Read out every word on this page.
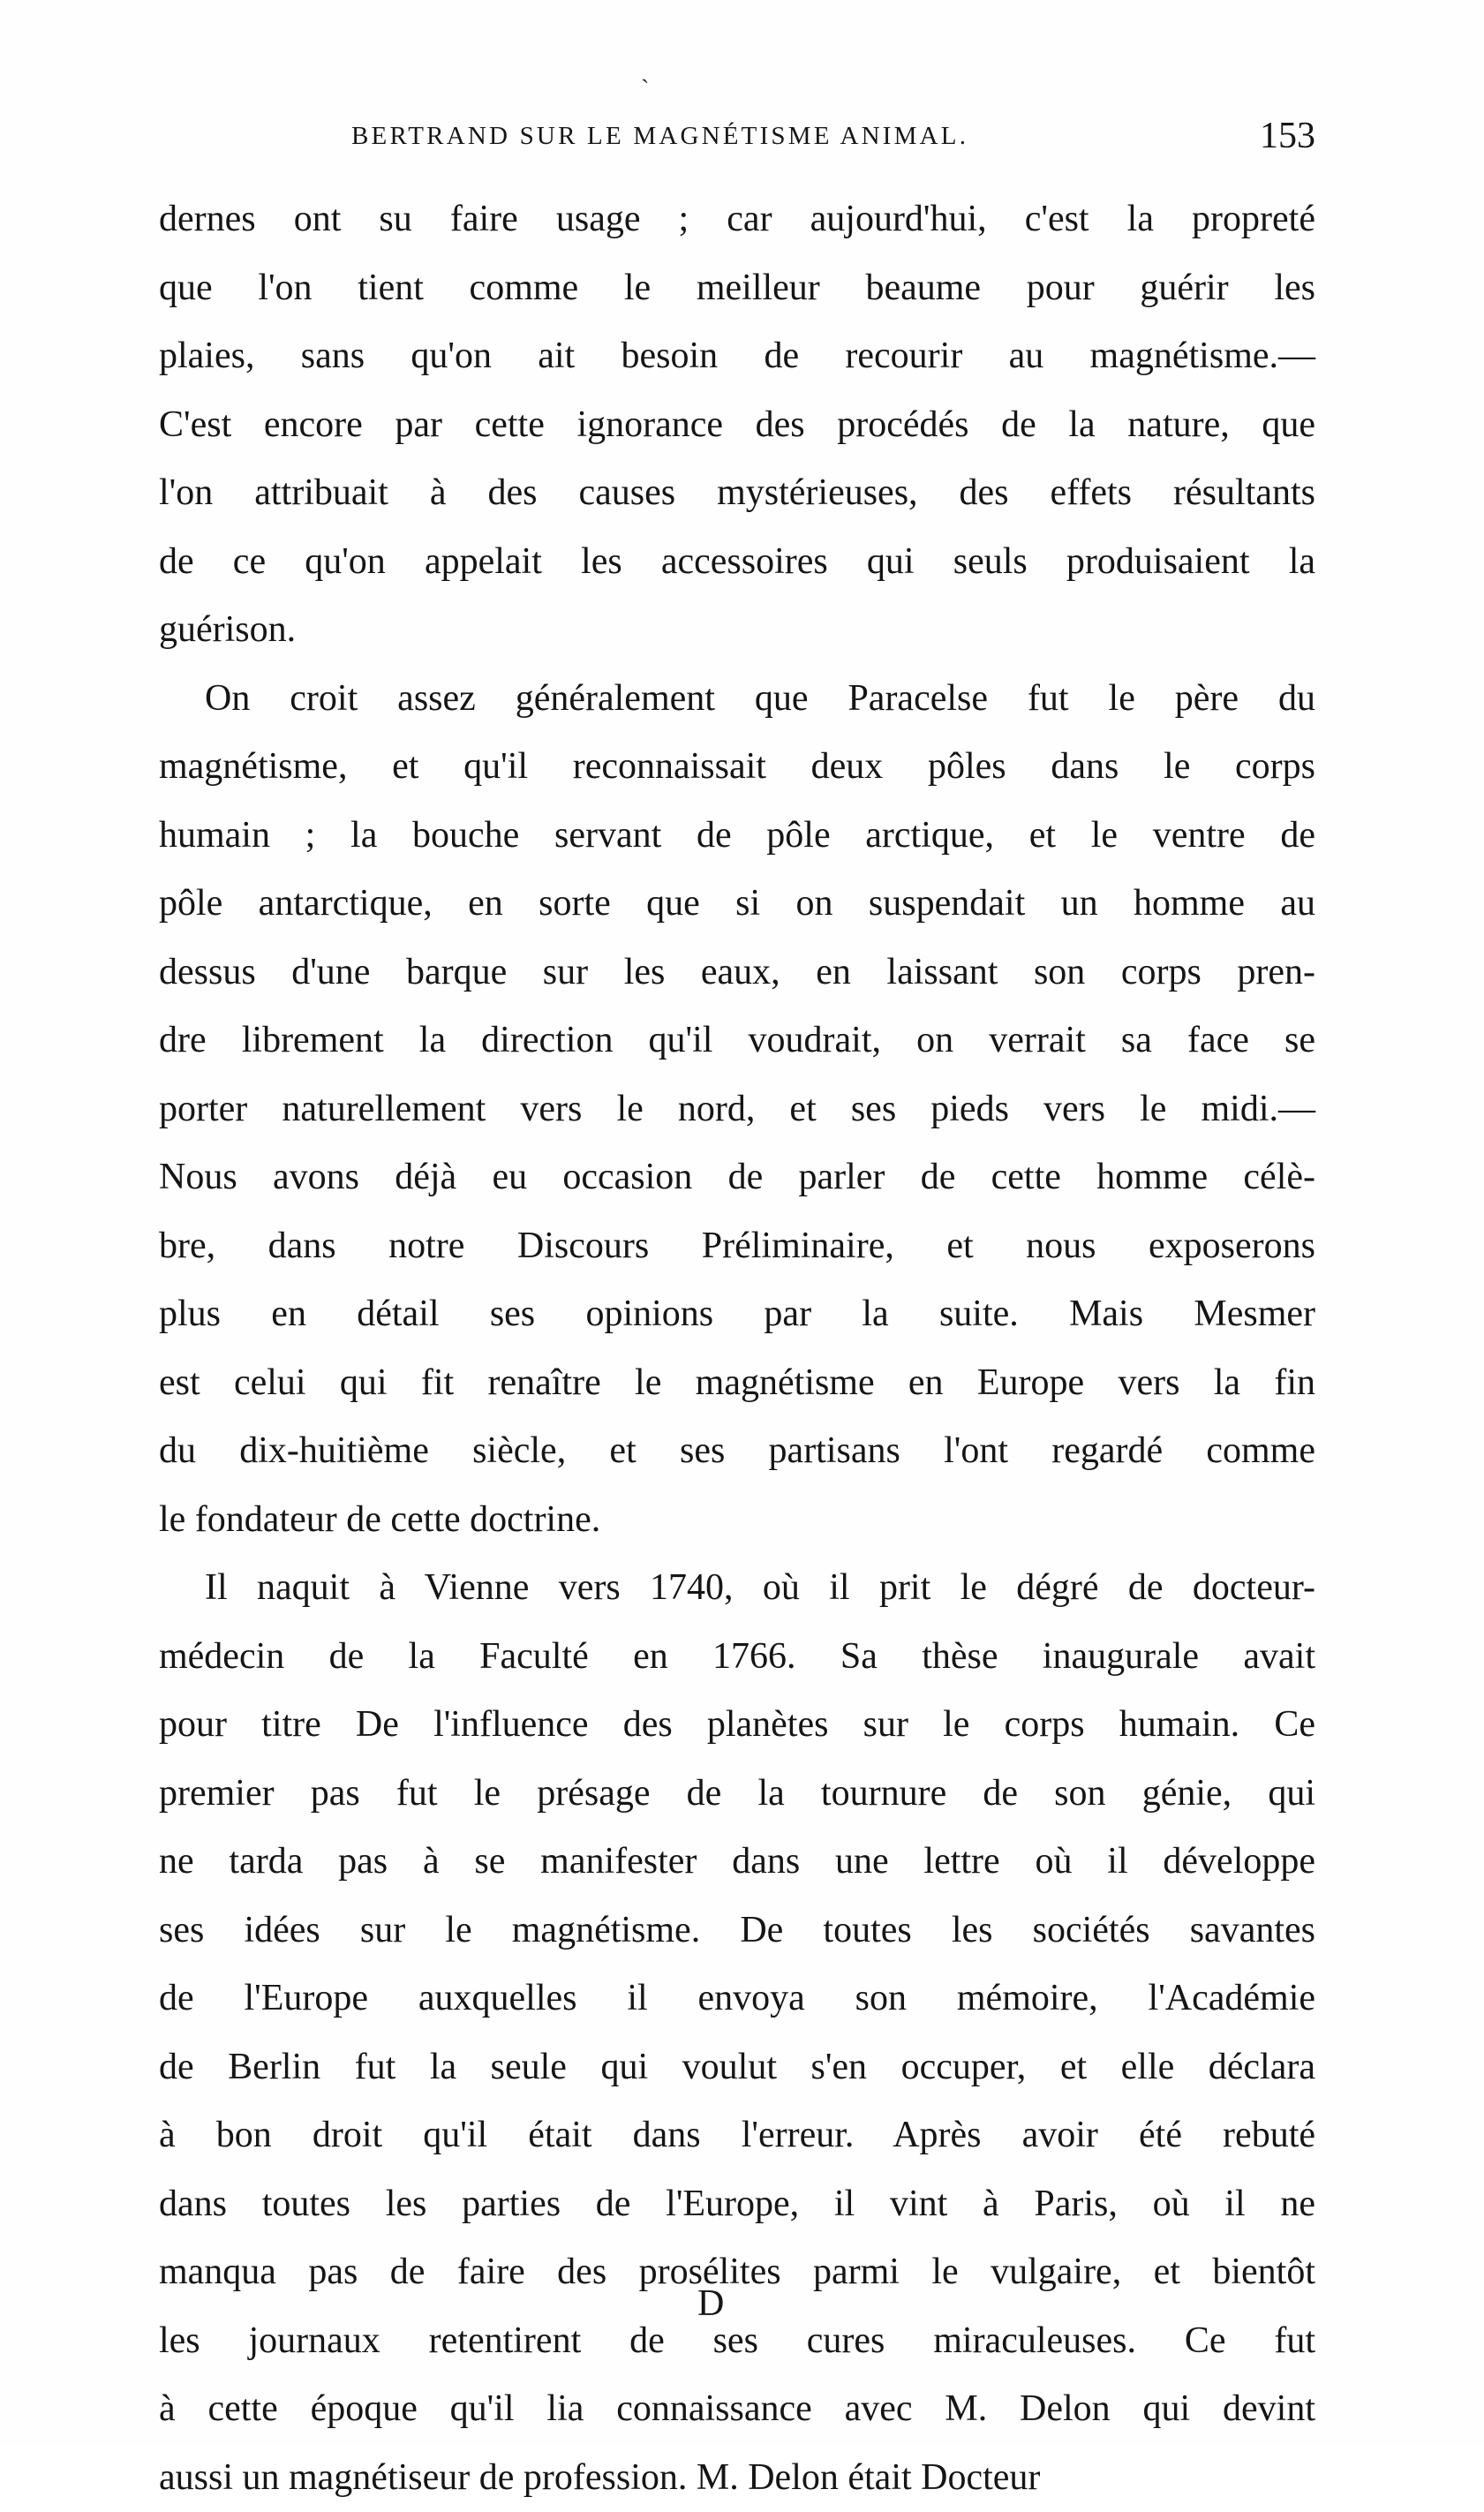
ˎ
BERTRAND SUR LE MAGNÉTISME ANIMAL.	153
dernes ont su faire usage ; car aujourd'hui, c'est la propreté
que l'on tient comme le meilleur beaume pour guérir les
plaies, sans qu'on ait besoin de recourir au magnétisme.—
C'est encore par cette ignorance des procédés de la nature, que
l'on attribuait à des causes mystérieuses, des effets résultants
de ce qu'on appelait les accessoires qui seuls produisaient la
guérison.
On croit assez généralement que Paracelse fut le père du
magnétisme, et qu'il reconnaissait deux pôles dans le corps
humain ; la bouche servant de pôle arctique, et le ventre de
pôle antarctique, en sorte que si on suspendait un homme au
dessus d'une barque sur les eaux, en laissant son corps pren-
dre librement la direction qu'il voudrait, on verrait sa face se
porter naturellement vers le nord, et ses pieds vers le midi.—
Nous avons déjà eu occasion de parler de cette homme célè-
bre, dans notre Discours Préliminaire, et nous exposerons
plus en détail ses opinions par la suite. Mais Mesmer
est celui qui fit renaître le magnétisme en Europe vers la fin
du dix-huitième siècle, et ses partisans l'ont regardé comme
le fondateur de cette doctrine.
Il naquit à Vienne vers 1740, où il prit le dégré de docteur-
médecin de la Faculté en 1766. Sa thèse inaugurale avait
pour titre De l'influence des planètes sur le corps humain. Ce
premier pas fut le présage de la tournure de son génie, qui
ne tarda pas à se manifester dans une lettre où il développe
ses idées sur le magnétisme. De toutes les sociétés savantes
de l'Europe auxquelles il envoya son mémoire, l'Académie
de Berlin fut la seule qui voulut s'en occuper, et elle déclara
à bon droit qu'il était dans l'erreur. Après avoir été rebuté
dans toutes les parties de l'Europe, il vint à Paris, où il ne
manqua pas de faire des prosélites parmi le vulgaire, et bientôt
les journaux retentirent de ses cures miraculeuses. Ce fut
à cette époque qu'il lia connaissance avec M. Delon qui devint
aussi un magnétiseur de profession. M. Delon était Docteur
D
